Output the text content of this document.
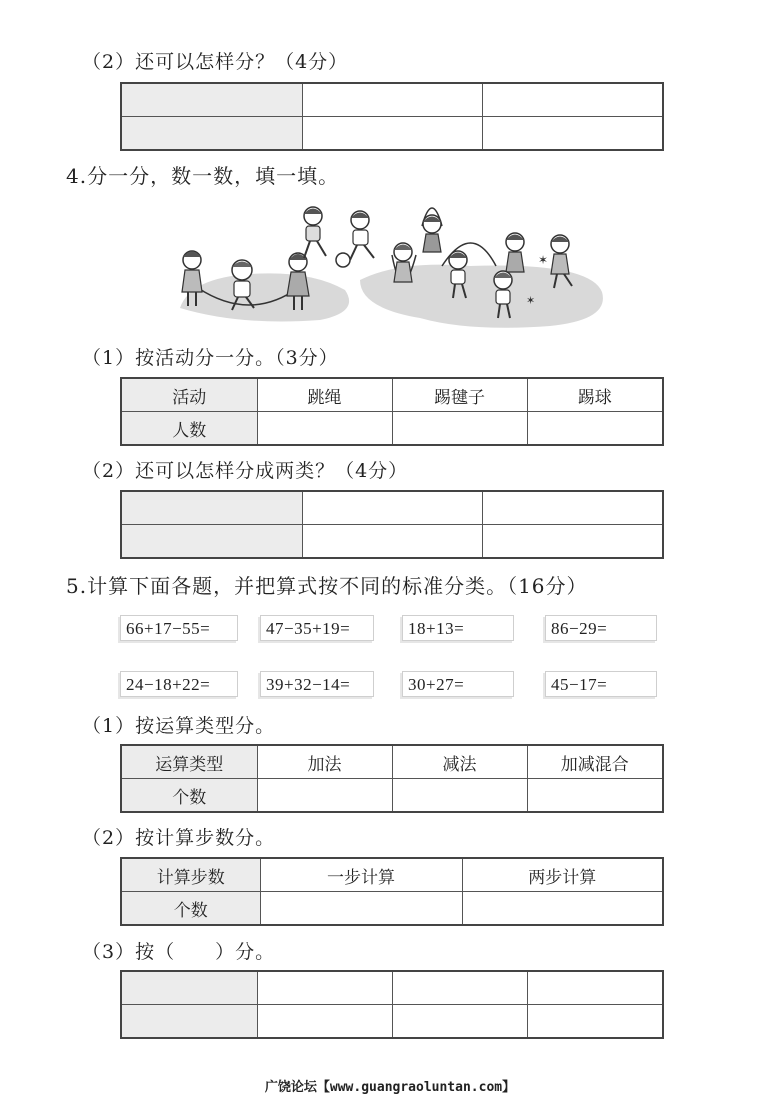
（2）还可以怎样分？（4分）

4.分一分，数一数，填一填。
✶
✶
（1）按活动分一分。（3分）
活动	跳绳	踢毽子	踢球
人数			
（2）还可以怎样分成两类？（4分）

5.计算下面各题，并把算式按不同的标准分类。（16分）
66+17−55=	47−35+19=	18+13=	86−29=
24−18+22=	39+32−14=	30+27=	45−17=
（1）按运算类型分。
运算类型	加法	减法	加减混合
个数			
（2）按计算步数分。
计算步数	一步计算	两步计算
个数		
（3）按（　　）分。

广饶论坛【www.guangraoluntan.com】
